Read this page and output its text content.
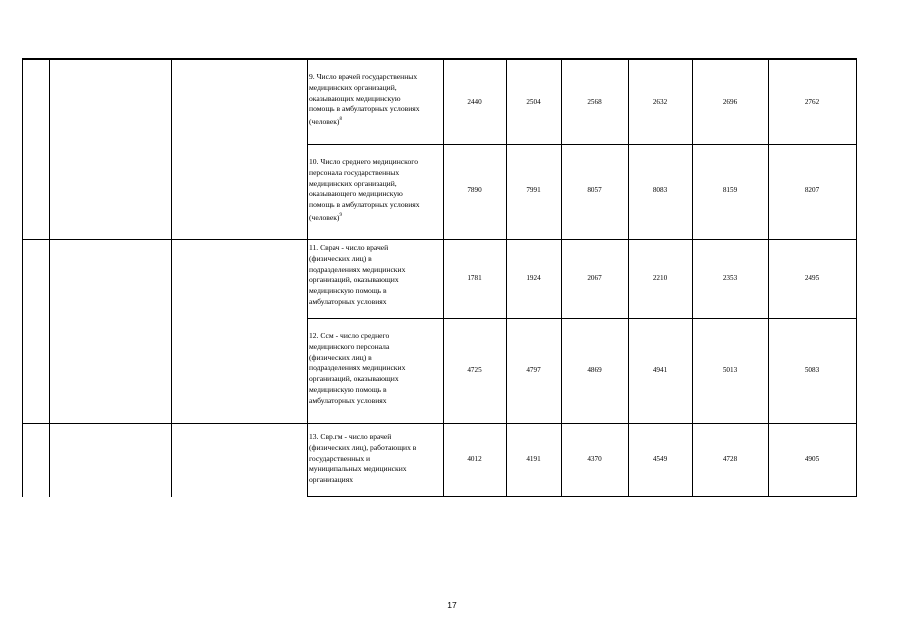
9. Число врачей государственных
медицинских организаций,
оказывающих медицинскую
помощь в амбулаторных условиях
(человек)$^8$
2440	2504	2568	2632	2696	2762
10. Число среднего медицинского
персонала государственных
медицинских организаций,
оказывающего медицинскую
помощь в амбулаторных условиях
(человек)$^9$
7890	7991	8057	8083	8159	8207
11. Сврач - число врачей
(физических лиц) в
подразделениях медицинских
организаций, оказывающих
медицинскую помощь в
амбулаторных условиях
1781	1924	2067	2210	2353	2495
12. Ссм - число среднего
медицинского персонала
(физических лиц) в
подразделениях медицинских
организаций, оказывающих
медицинскую помощь в
амбулаторных условиях
4725	4797	4869	4941	5013	5083
13. Свр.гм - число врачей
(физических лиц), работающих в
государственных и
муниципальных медицинских
организациях
4012	4191	4370	4549	4728	4905
17
